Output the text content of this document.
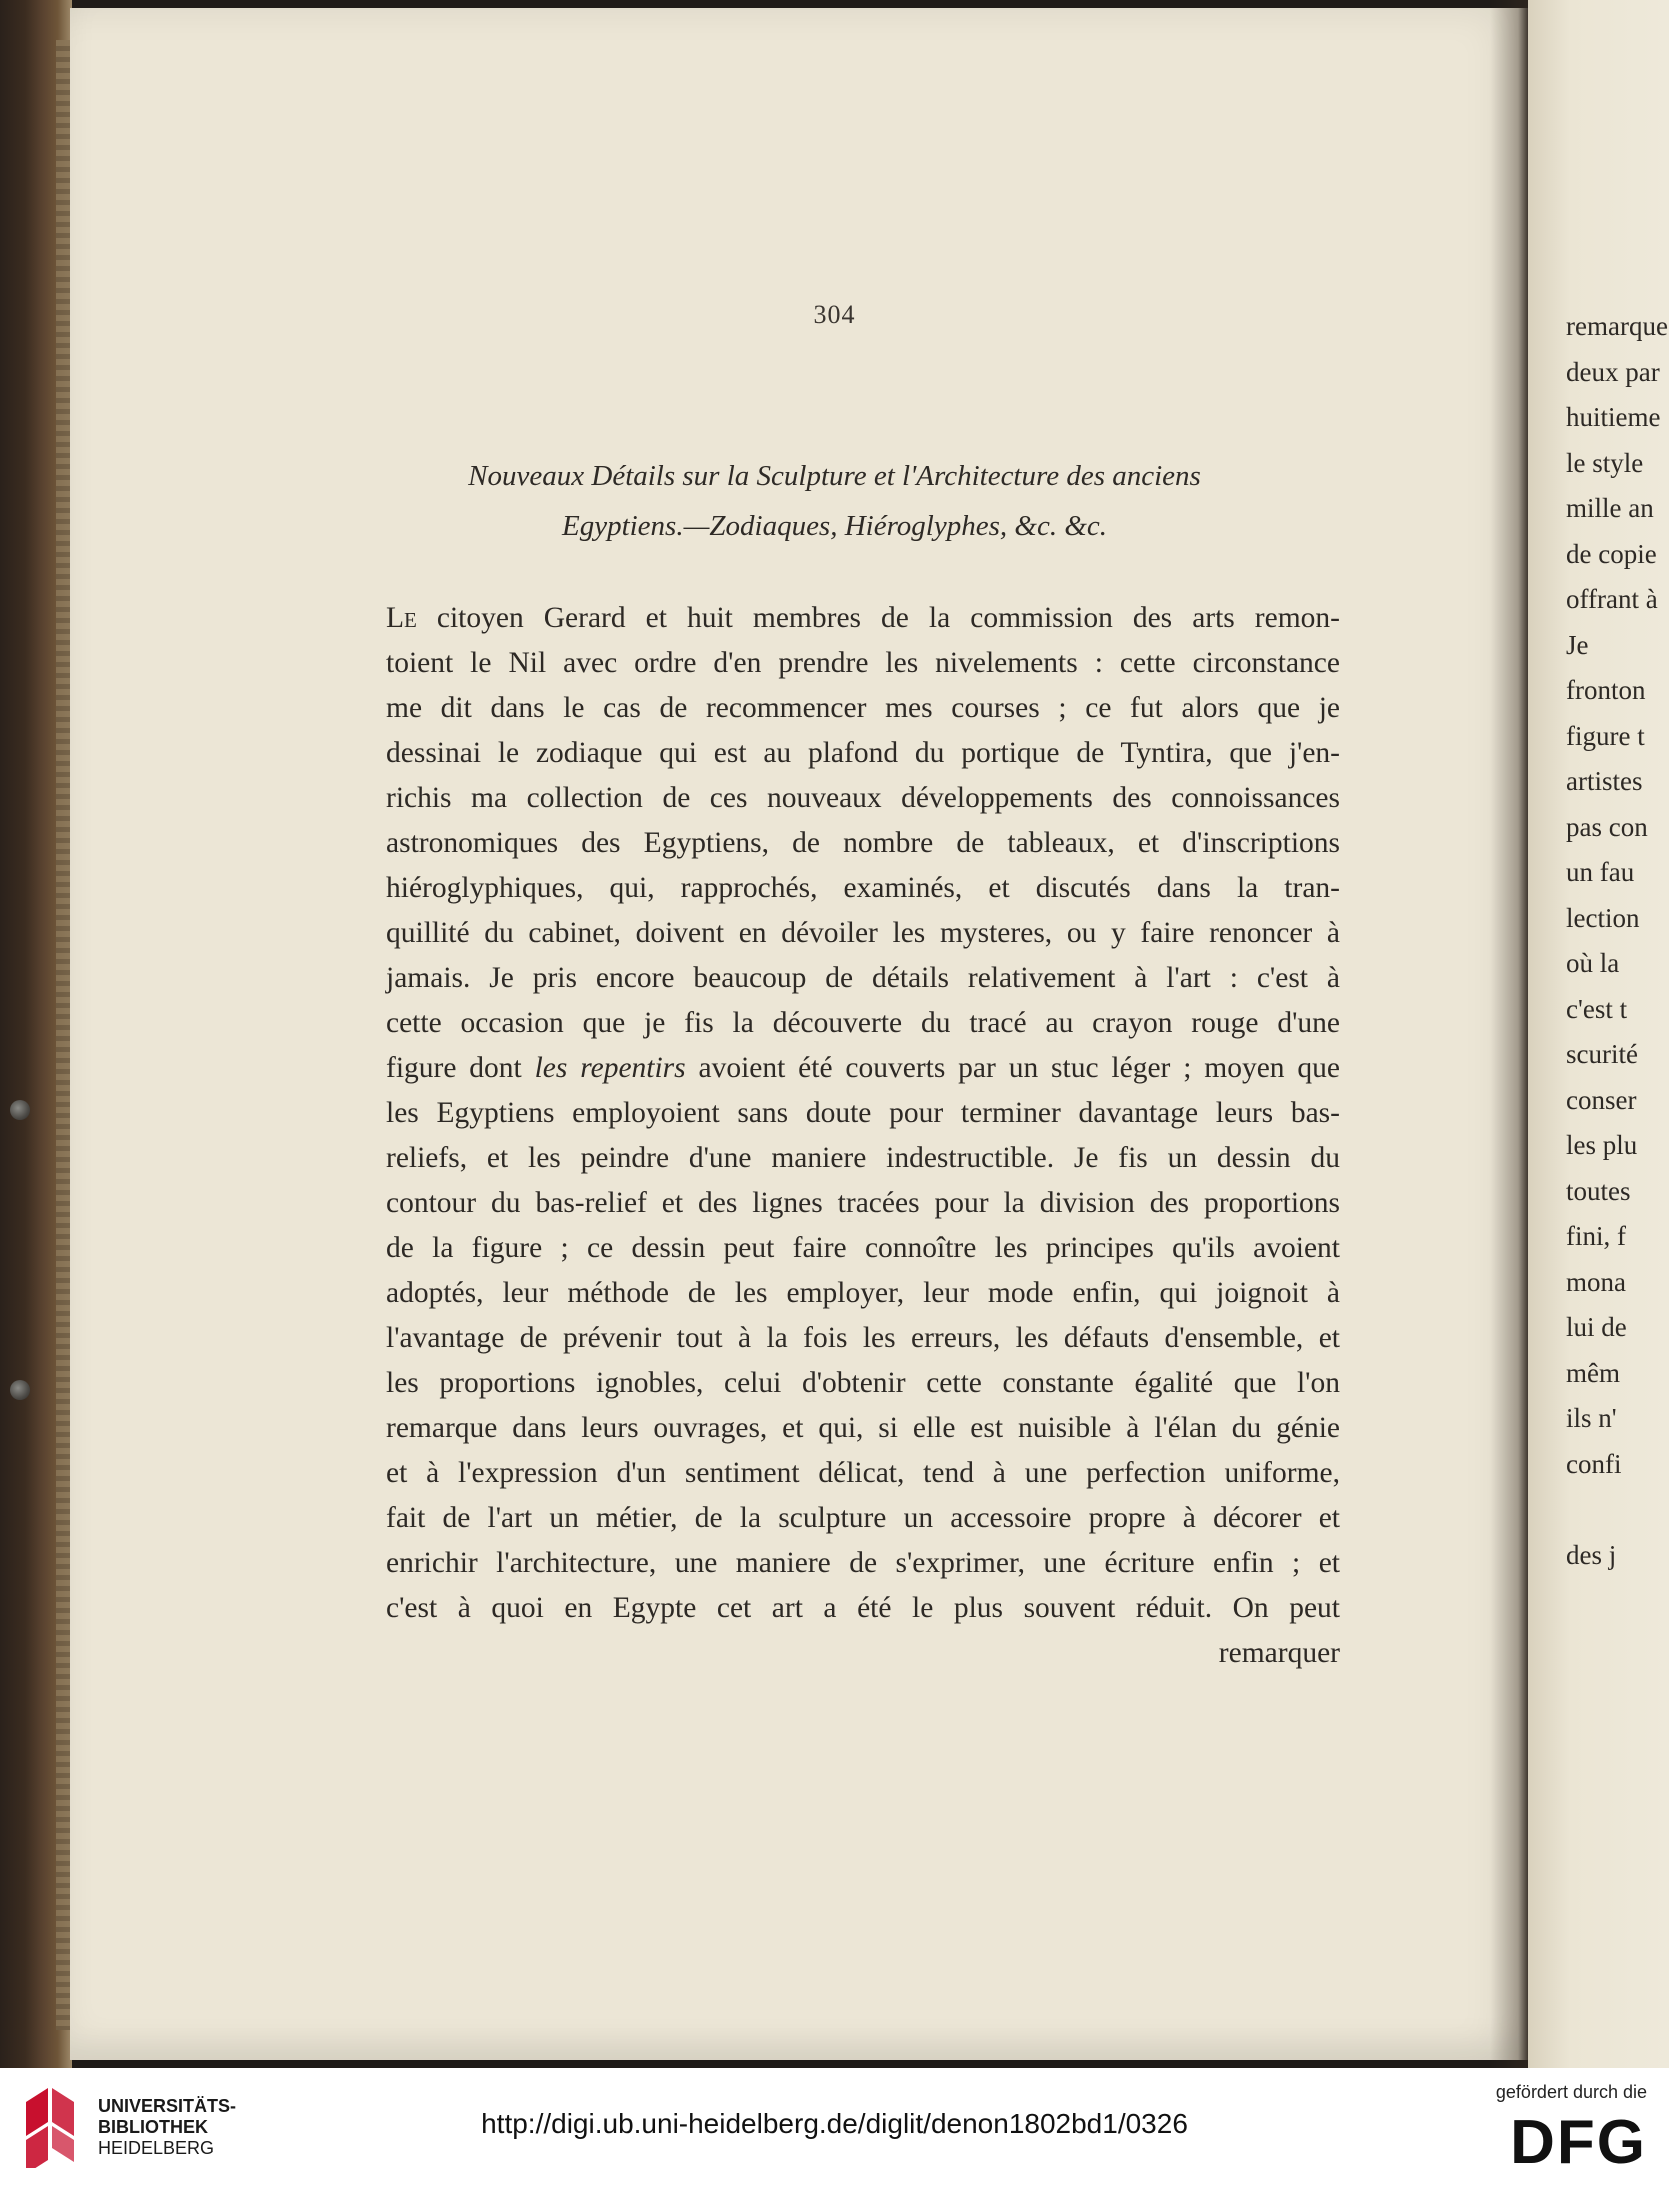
304
Nouveaux Détails sur la Sculpture et l'Architecture des anciens
Egyptiens.—Zodiaques, Hiéroglyphes, &c. &c.
Le citoyen Gerard et huit membres de la commission des arts remon-
toient le Nil avec ordre d'en prendre les nivelements : cette circonstance
me dit dans le cas de recommencer mes courses ; ce fut alors que je
dessinai le zodiaque qui est au plafond du portique de Tyntira, que j'en-
richis ma collection de ces nouveaux développements des connoissances
astronomiques des Egyptiens, de nombre de tableaux, et d'inscriptions
hiéroglyphiques, qui, rapprochés, examinés, et discutés dans la tran-
quillité du cabinet, doivent en dévoiler les mysteres, ou y faire renoncer à
jamais. Je pris encore beaucoup de détails relativement à l'art : c'est à
cette occasion que je fis la découverte du tracé au crayon rouge d'une
figure dont les repentirs avoient été couverts par un stuc léger ; moyen que
les Egyptiens employoient sans doute pour terminer davantage leurs bas-
reliefs, et les peindre d'une maniere indestructible. Je fis un dessin du
contour du bas-relief et des lignes tracées pour la division des proportions
de la figure ; ce dessin peut faire connoître les principes qu'ils avoient
adoptés, leur méthode de les employer, leur mode enfin, qui joignoit à
l'avantage de prévenir tout à la fois les erreurs, les défauts d'ensemble, et
les proportions ignobles, celui d'obtenir cette constante égalité que l'on
remarque dans leurs ouvrages, et qui, si elle est nuisible à l'élan du génie
et à l'expression d'un sentiment délicat, tend à une perfection uniforme,
fait de l'art un métier, de la sculpture un accessoire propre à décorer et
enrichir l'architecture, une maniere de s'exprimer, une écriture enfin ; et
c'est à quoi en Egypte cet art a été le plus souvent réduit. On peut
remarquer
remarque
deux par
huitieme
le style
mille an
de copie
offrant à
Je
fronton
figure t
artistes
pas con
un fau
lection
où la
c'est t
scurité
conser
les plu
toutes
fini, f
mona
lui de
mêm
ils n'
confi
des j
UNIVERSITÄTS-
BIBLIOTHEK
HEIDELBERG
http://digi.ub.uni-heidelberg.de/diglit/denon1802bd1/0326
gefördert durch die
DFG
